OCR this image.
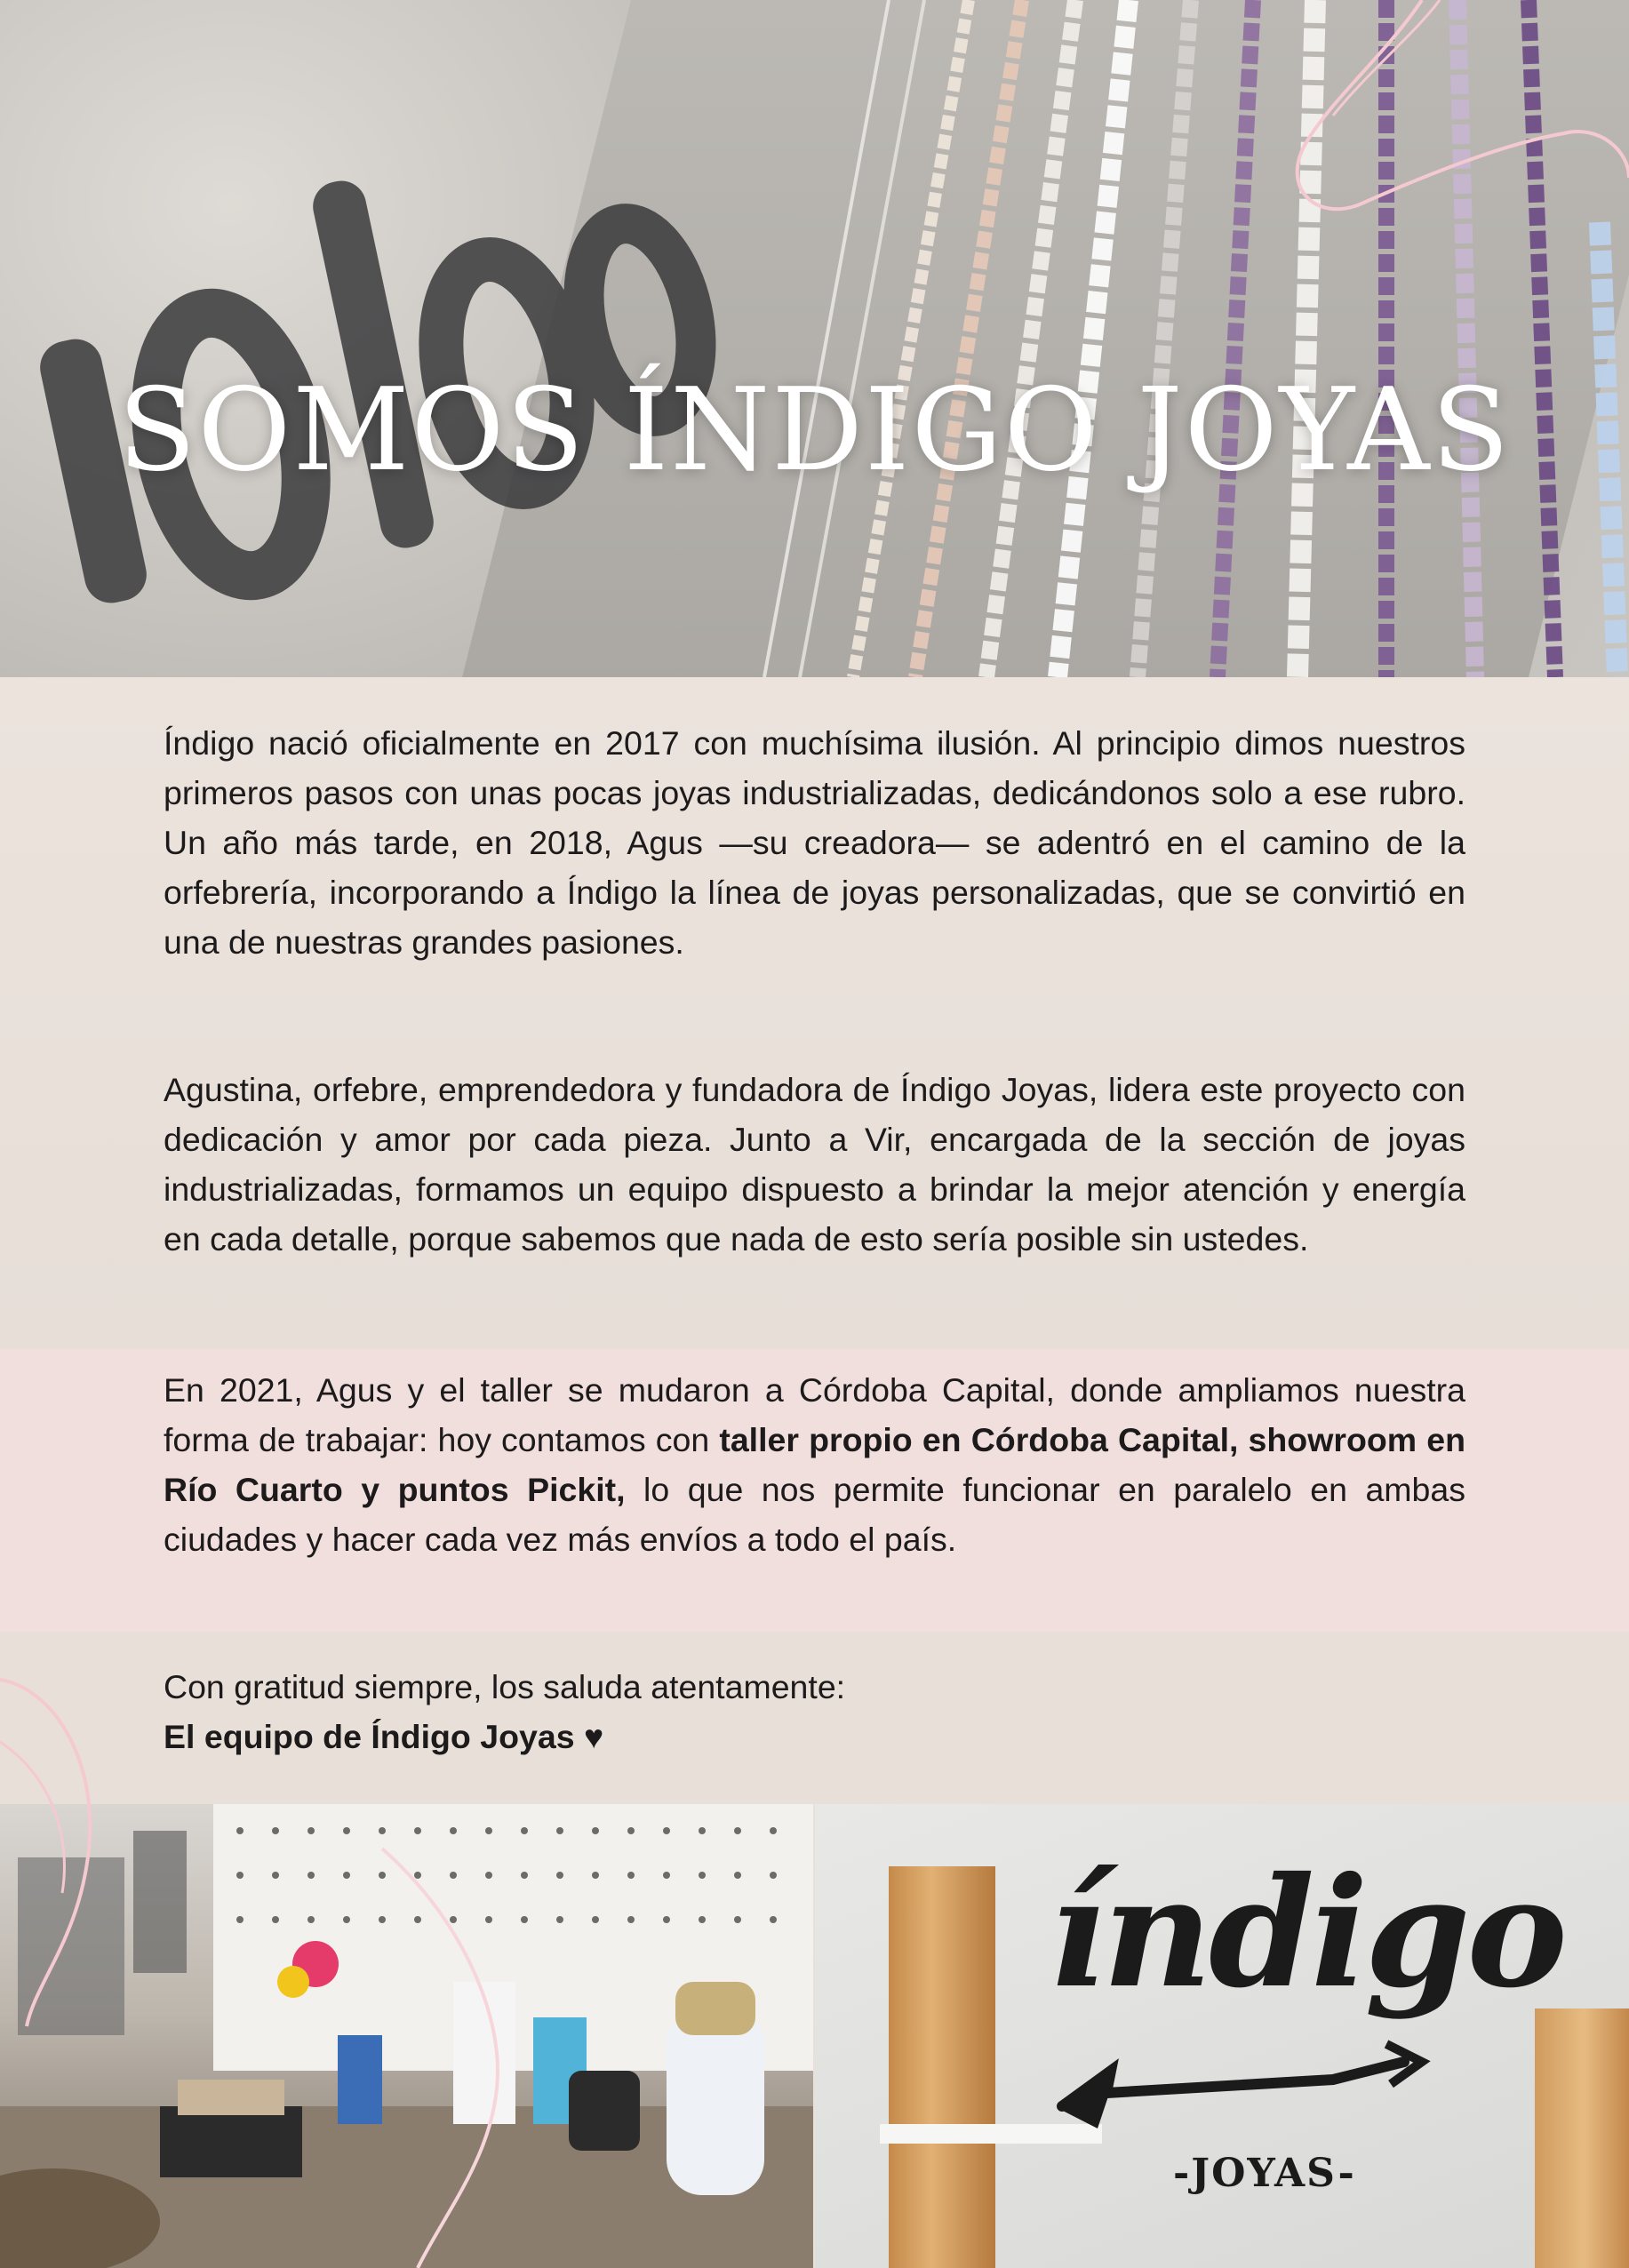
SOMOS ÍNDIGO JOYAS

Índigo nació oficialmente en 2017 con muchísima ilusión. Al principio dimos nuestros primeros pasos con unas pocas joyas industrializadas, dedicándonos solo a ese rubro. Un año más tarde, en 2018, Agus —su creadora— se adentró en el camino de la orfebrería, incorporando a Índigo la línea de joyas personalizadas, que se convirtió en una de nuestras grandes pasiones.

Agustina, orfebre, emprendedora y fundadora de Índigo Joyas, lidera este proyecto con dedicación y amor por cada pieza. Junto a Vir, encargada de la sección de joyas industrializadas, formamos un equipo dispuesto a brindar la mejor atención y energía en cada detalle, porque sabemos que nada de esto sería posible sin ustedes.

En 2021, Agus y el taller se mudaron a Córdoba Capital, donde ampliamos nuestra forma de trabajar: hoy contamos con taller propio en Córdoba Capital, showroom en Río Cuarto y puntos Pickit, lo que nos permite funcionar en paralelo en ambas ciudades y hacer cada vez más envíos a todo el país.

Con gratitud siempre, los saluda atentamente:

El equipo de Índigo Joyas ♥

índigo
-JOYAS-
